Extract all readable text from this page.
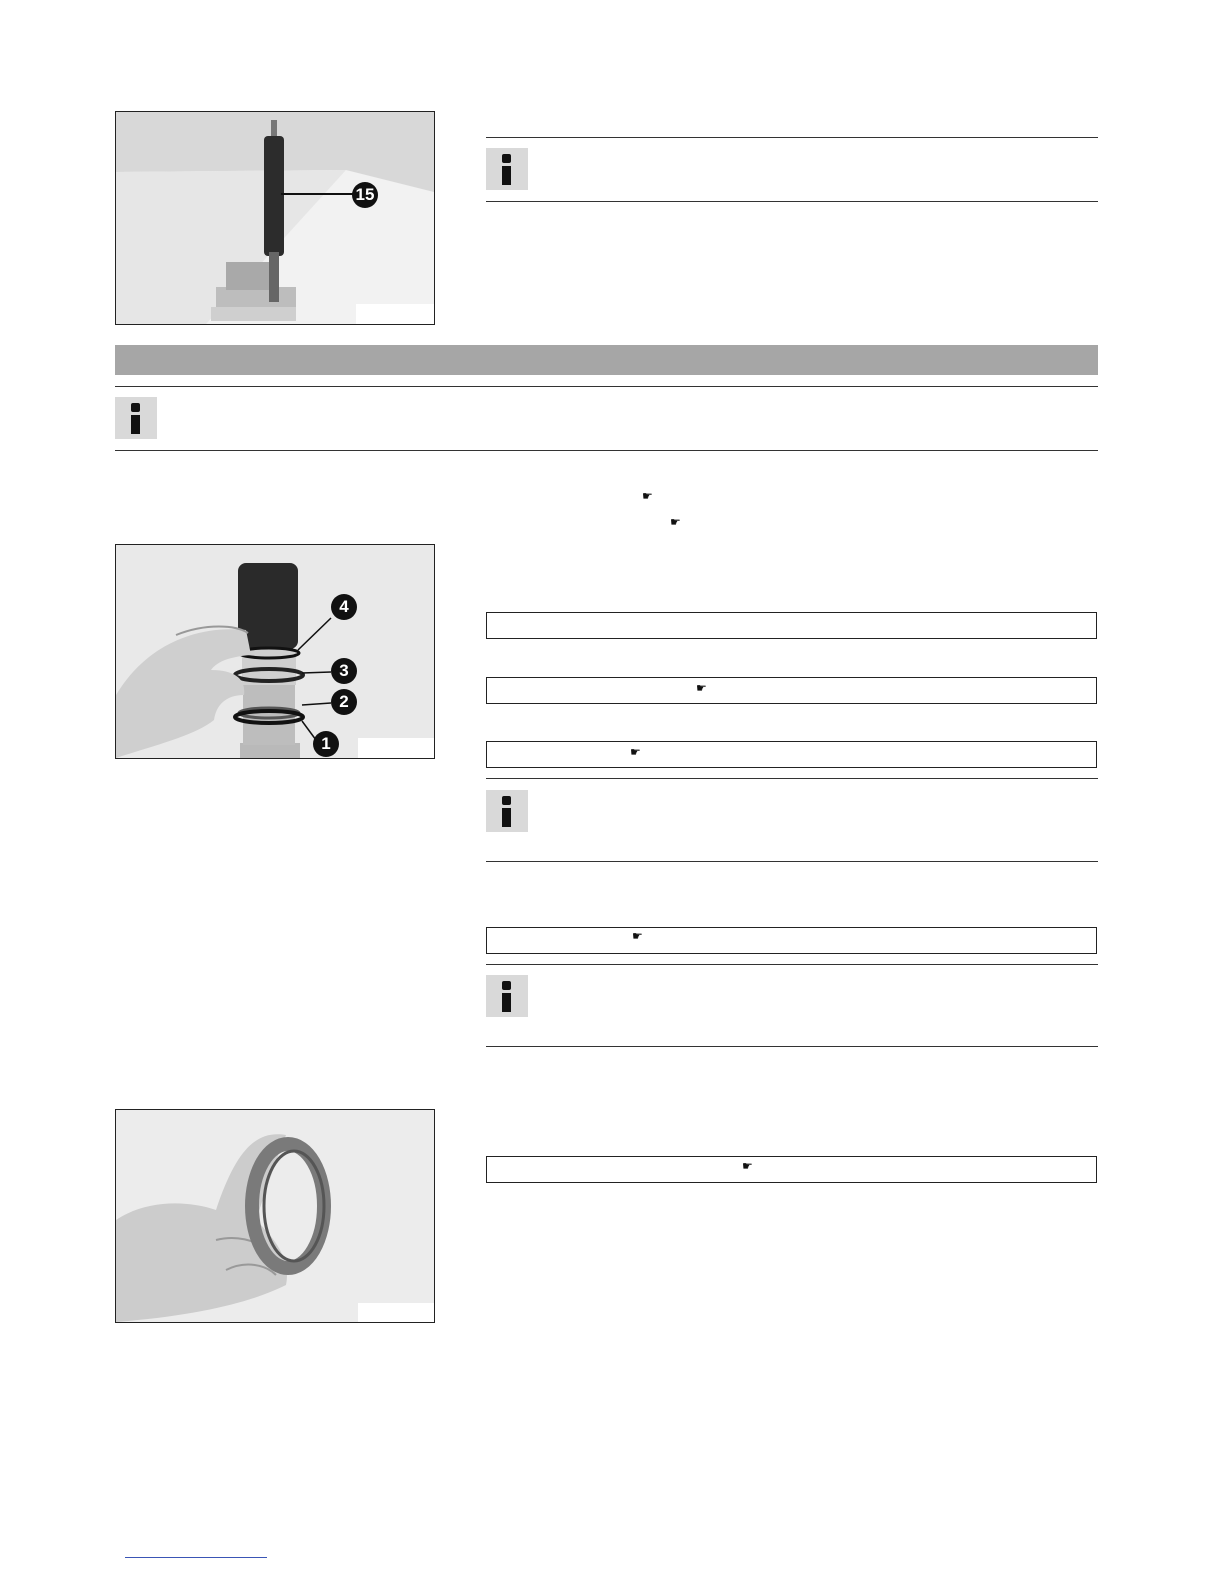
15
☛
☛
4
3
2
1
☛
☛
☛
☛
